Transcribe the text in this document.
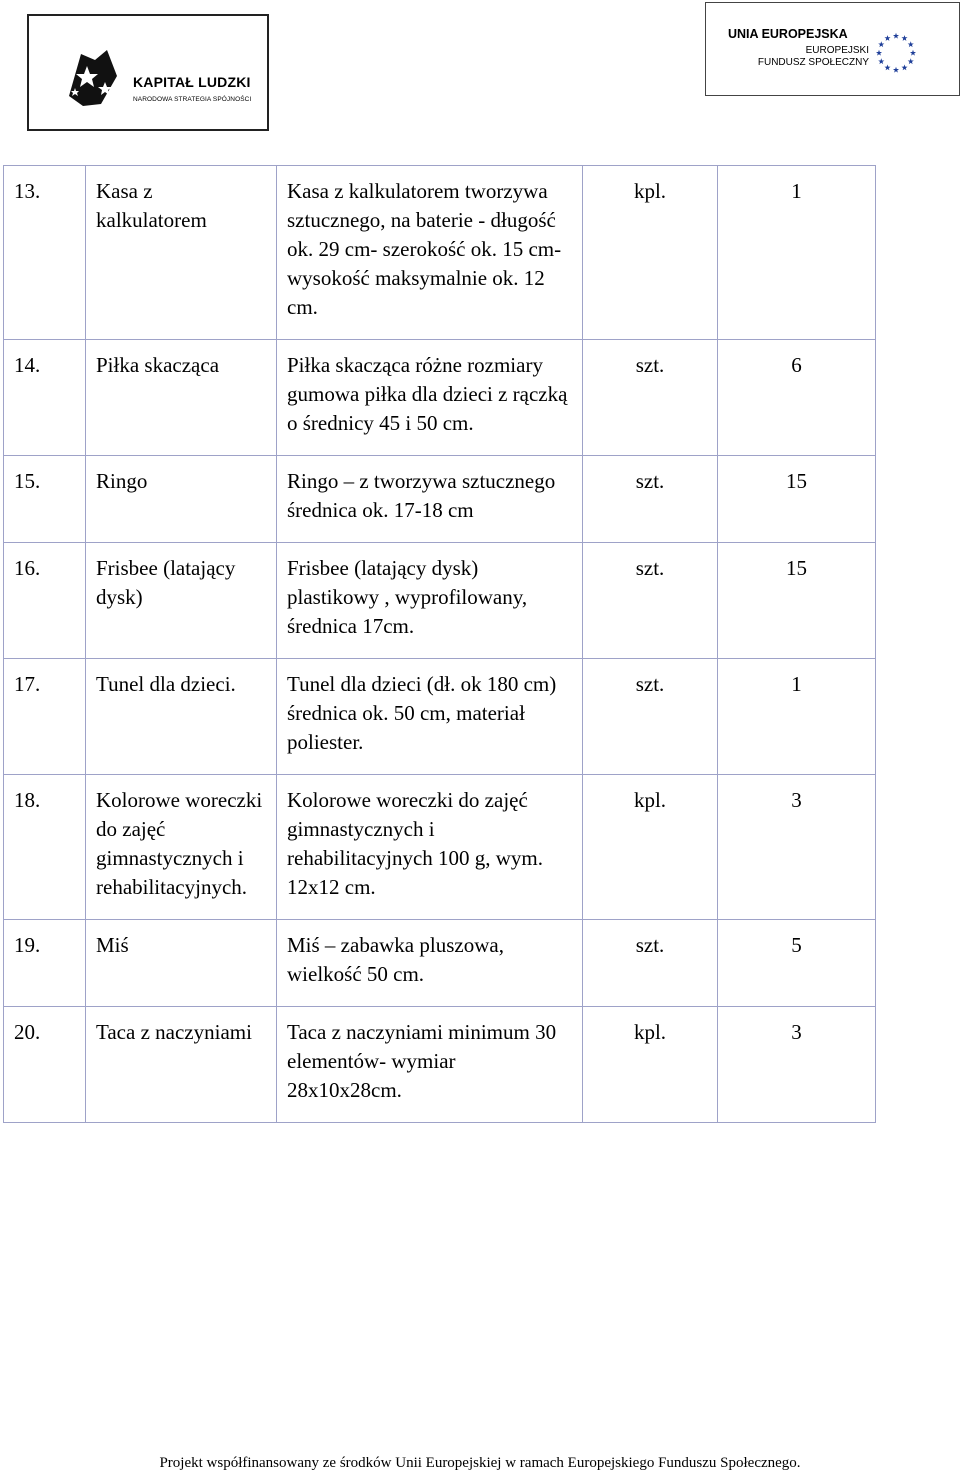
KAPITAŁ LUDZKI
NARODOWA STRATEGIA SPÓJNOŚCI
UNIA EUROPEJSKA
EUROPEJSKI
FUNDUSZ SPOŁECZNY
13.	Kasa z kalkulatorem	Kasa z kalkulatorem tworzywa sztucznego, na baterie - długość ok. 29 cm- szerokość ok. 15 cm- wysokość maksymalnie ok. 12 cm.	kpl.	1
14.	Piłka skacząca	Piłka skacząca różne rozmiary gumowa piłka dla dzieci z rączką o średnicy 45 i 50 cm.	szt.	6
15.	Ringo	Ringo – z tworzywa sztucznego średnica ok. 17-18 cm	szt.	15
16.	Frisbee (latający dysk)	Frisbee (latający dysk) plastikowy , wyprofilowany, średnica 17cm.	szt.	15
17.	Tunel dla dzieci.	Tunel dla dzieci (dł. ok 180 cm) średnica ok. 50 cm, materiał poliester.	szt.	1
18.	Kolorowe woreczki do zajęć gimnastycznych i rehabilitacyjnych.	Kolorowe woreczki do zajęć gimnastycznych i rehabilitacyjnych 100 g, wym. 12x12 cm.	kpl.	3
19.	Miś	Miś – zabawka pluszowa, wielkość 50 cm.	szt.	5
20.	Taca z naczyniami	Taca z naczyniami minimum 30 elementów- wymiar 28x10x28cm.	kpl.	3
Projekt współfinansowany ze środków Unii Europejskiej w ramach Europejskiego Funduszu Społecznego.
